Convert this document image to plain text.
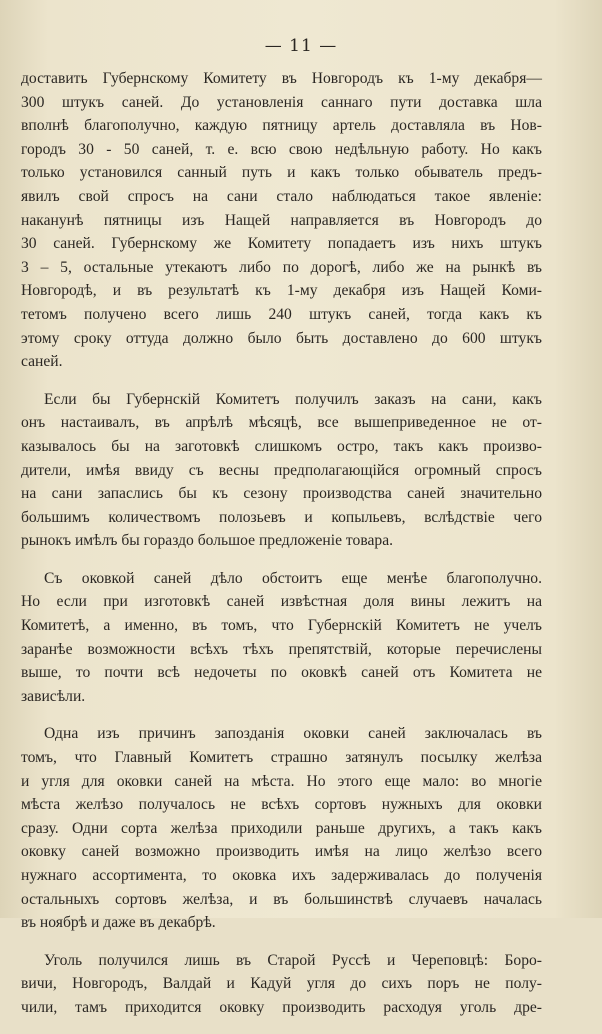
— 11 —
доставить Губернскому Комитету въ Новгородъ къ 1-му декабря—
300 штукъ саней. До установленія саннаго пути доставка шла
вполнѣ благополучно, каждую пятницу артель доставляла въ Нов-
городъ 30 - 50 саней, т. е. всю свою недѣльную работу. Но какъ
только установился санный путь и какъ только обыватель предъ-
явилъ свой спросъ на сани стало наблюдаться такое явленіе:
наканунѣ пятницы изъ Нащей направляется въ Новгородъ до
30 саней. Губернскому же Комитету попадаетъ изъ нихъ штукъ
3 – 5, остальные утекаютъ либо по дорогѣ, либо же на рынкѣ въ
Новгородѣ, и въ результатѣ къ 1-му декабря изъ Нащей Коми-
тетомъ получено всего лишь 240 штукъ саней, тогда какъ къ
этому сроку оттуда должно было быть доставлено до 600 штукъ
саней.
Если бы Губернскій Комитетъ получилъ заказъ на сани, какъ
онъ настаивалъ, въ апрѣлѣ мѣсяцѣ, все вышеприведенное не от-
казывалось бы на заготовкѣ слишкомъ остро, такъ какъ произво-
дители, имѣя ввиду съ весны предполагающійся огромный спросъ
на сани запаслись бы къ сезону производства саней значительно
большимъ количествомъ полозьевъ и копыльевъ, вслѣдствіе чего
рынокъ имѣлъ бы гораздо большое предложеніе товара.
Съ оковкой саней дѣло обстоитъ еще менѣе благополучно.
Но если при изготовкѣ саней извѣстная доля вины лежитъ на
Комитетѣ, а именно, въ томъ, что Губернскій Комитетъ не учелъ
заранѣе возможности всѣхъ тѣхъ препятствій, которые перечислены
выше, то почти всѣ недочеты по оковкѣ саней отъ Комитета не
зависѣли.
Одна изъ причинъ запозданія оковки саней заключалась въ
томъ, что Главный Комитетъ страшно затянулъ посылку желѣза
и угля для оковки саней на мѣста. Но этого еще мало: во многіе
мѣста желѣзо получалось не всѣхъ сортовъ нужныхъ для оковки
сразу. Одни сорта желѣза приходили раньше другихъ, а такъ какъ
оковку саней возможно производить имѣя на лицо желѣзо всего
нужнаго ассортимента, то оковка ихъ задерживалась до полученія
остальныхъ сортовъ желѣза, и въ большинствѣ случаевъ началась
въ ноябрѣ и даже въ декабрѣ.
Уголь получился лишь въ Старой Руссѣ и Череповцѣ: Боро-
вичи, Новгородъ, Валдай и Кадуй угля до сихъ поръ не полу-
чили, тамъ приходится оковку производить расходуя уголь дре-
